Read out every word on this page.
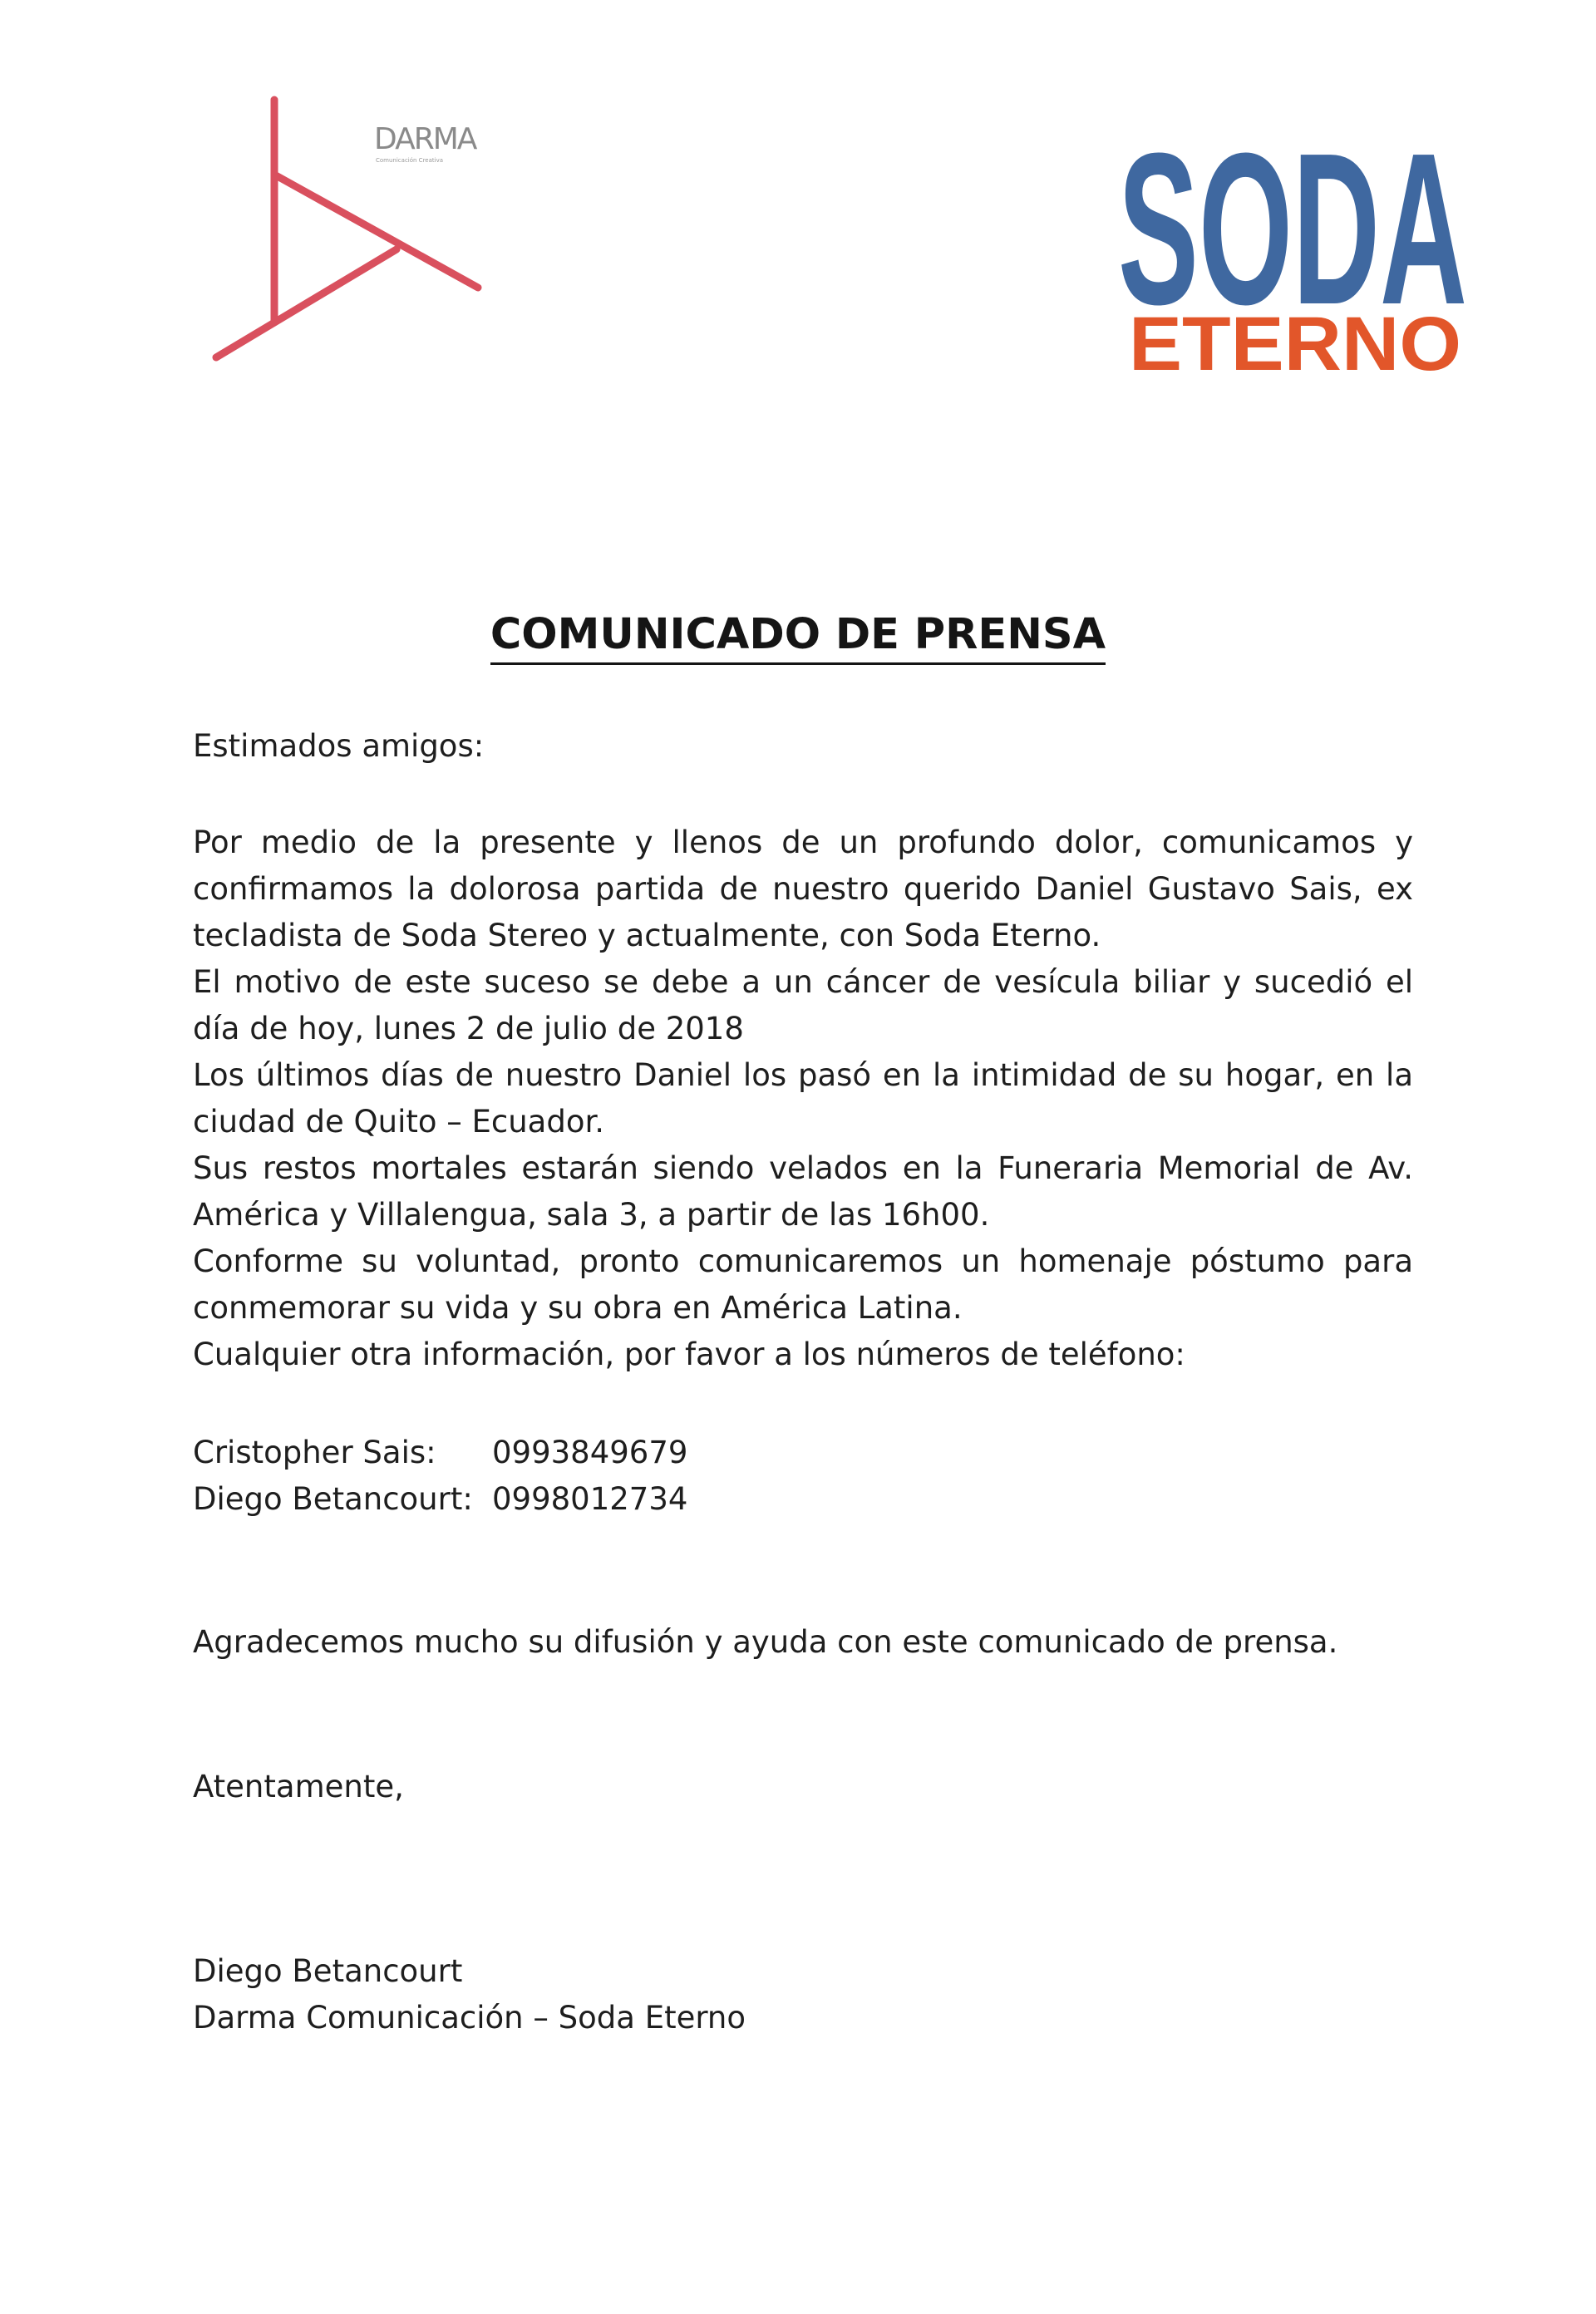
DARMA
Comunicación Creativa	SODA
ETERNO
COMUNICADO DE PRENSA

Estimados amigos:

Por medio de la presente y llenos de un profundo dolor, comunicamos y confirmamos la dolorosa partida de nuestro querido Daniel Gustavo Sais, ex tecladista de Soda Stereo y actualmente, con Soda Eterno.

El motivo de este suceso se debe a un cáncer de vesícula biliar y sucedió el día de hoy, lunes 2 de julio de 2018

Los últimos días de nuestro Daniel los pasó en la intimidad de su hogar, en la ciudad de Quito – Ecuador.

Sus restos mortales estarán siendo velados en la Funeraria Memorial de Av. América y Villalengua, sala 3, a partir de las 16h00.

Conforme su voluntad, pronto comunicaremos un homenaje póstumo para conmemorar su vida y su obra en América Latina.

Cualquier otra información, por favor a los números de teléfono:

Cristopher Sais:	0993849679
Diego Betancourt: 0998012734

Agradecemos mucho su difusión y ayuda con este comunicado de prensa.

Atentamente,

Diego Betancourt

Darma Comunicación – Soda Eterno
